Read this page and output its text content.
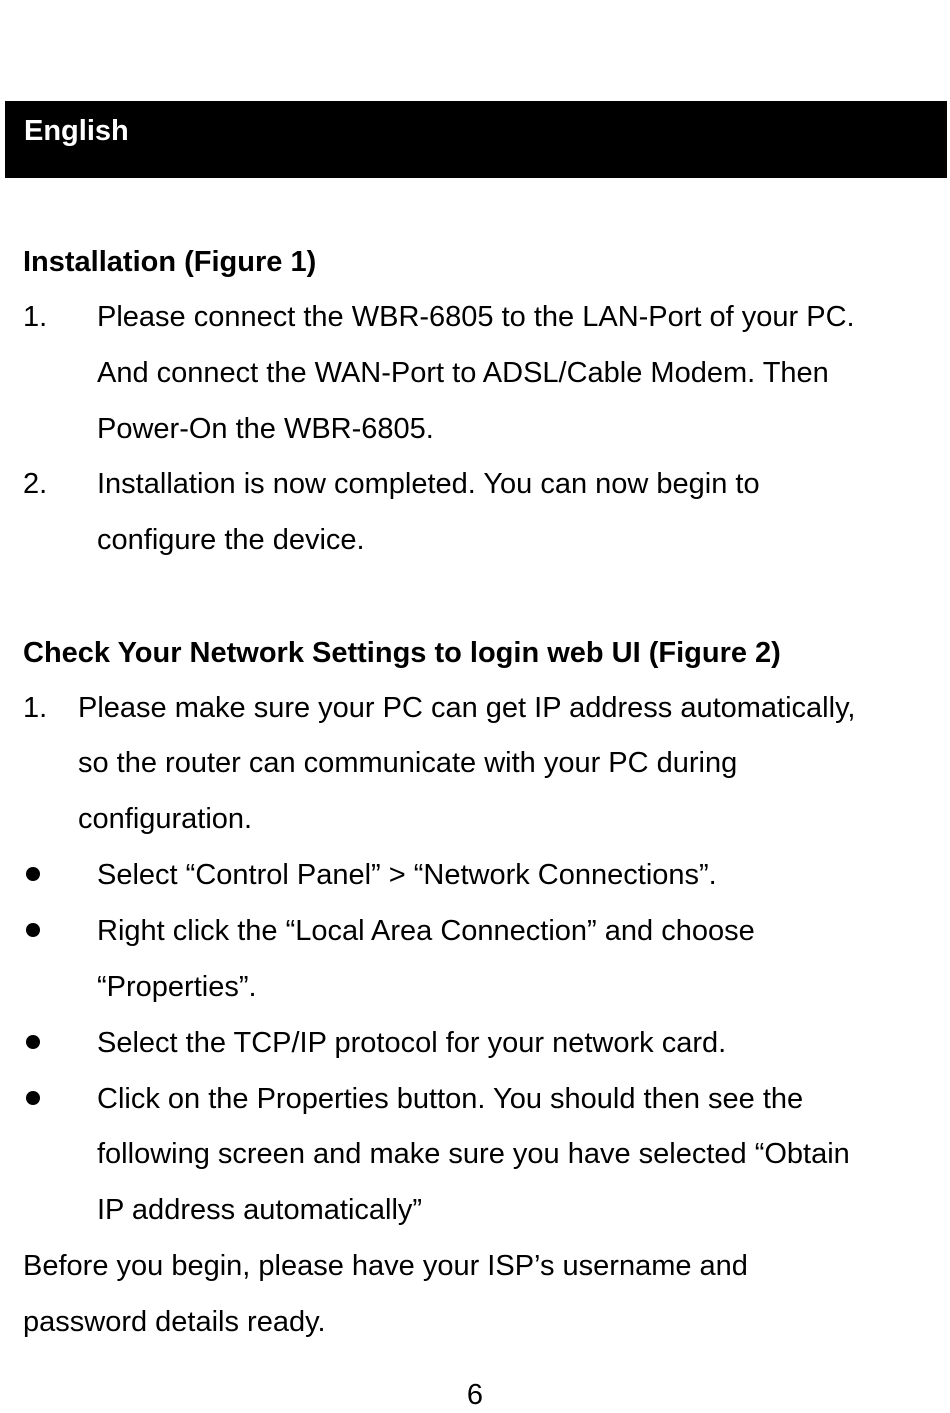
English
Installation (Figure 1)
1. Please connect the WBR-6805 to the LAN-Port of your PC.
And connect the WAN-Port to ADSL/Cable Modem. Then
Power-On the WBR-6805.
2. Installation is now completed. You can now begin to
configure the device.
Check Your Network Settings to login web UI (Figure 2)
1. Please make sure your PC can get IP address automatically,
so the router can communicate with your PC during
configuration.
Select “Control Panel” > “Network Connections”.
Right click the “Local Area Connection” and choose
“Properties”.
Select the TCP/IP protocol for your network card.
Click on the Properties button. You should then see the
following screen and make sure you have selected “Obtain
IP address automatically”
Before you begin, please have your ISP’s username and
password details ready.
6
